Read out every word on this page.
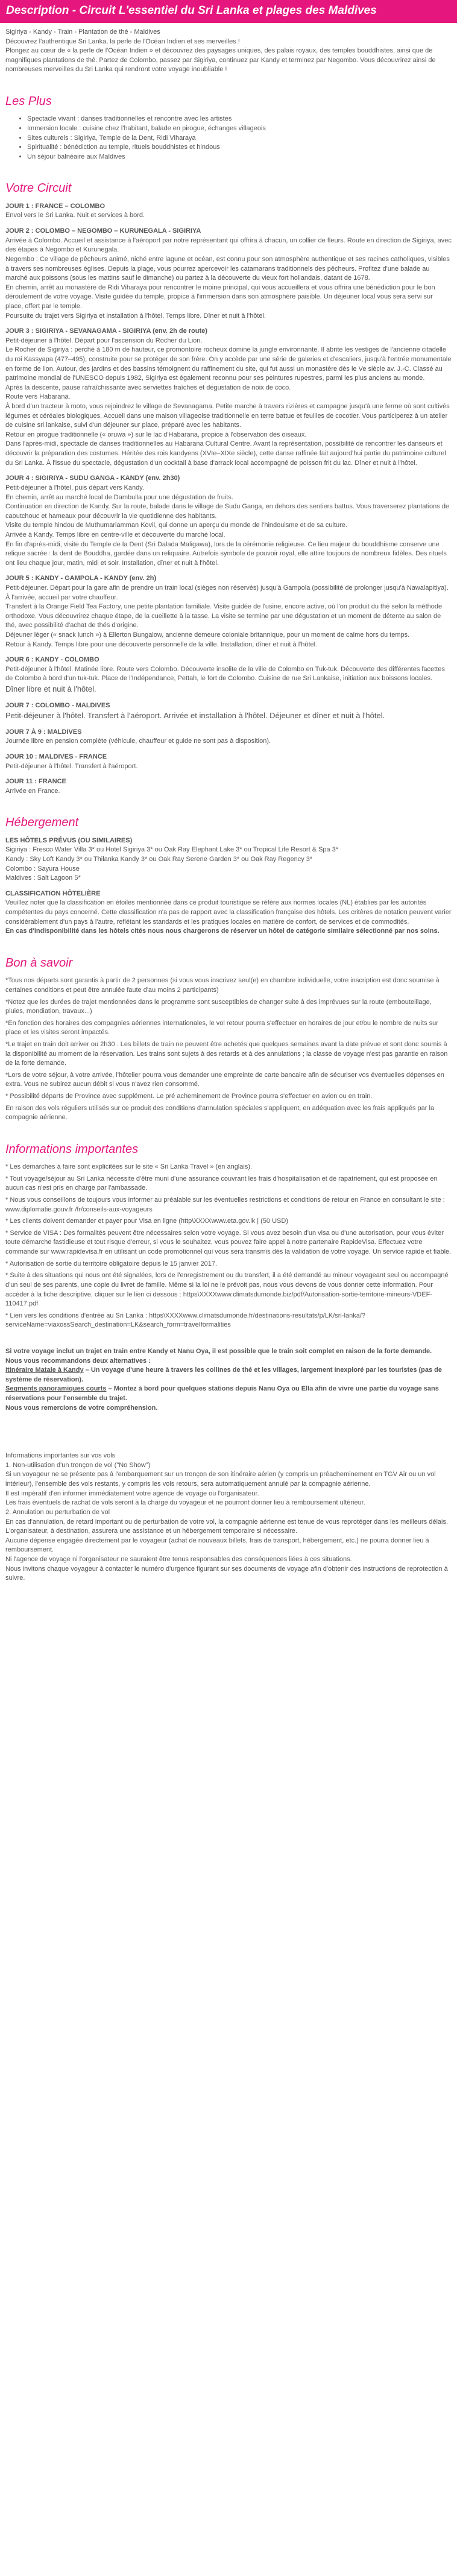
Description - Circuit L'essentiel du Sri Lanka et plages des Maldives

Sigiriya - Kandy - Train - Plantation de thé - Maldives

Découvrez l'authentique Sri Lanka, la perle de l'Océan Indien et ses merveilles !

Plongez au cœur de « la perle de l'Océan Indien » et découvrez des paysages uniques, des palais royaux, des temples bouddhistes, ainsi que de magnifiques plantations de thé. Partez de Colombo, passez par Sigiriya, continuez par Kandy et terminez par Negombo. Vous découvrirez ainsi de nombreuses merveilles du Sri Lanka qui rendront votre voyage inoubliable !

Les Plus
• Spectacle vivant : danses traditionnelles et rencontre avec les artistes
• Immersion locale : cuisine chez l'habitant, balade en pirogue, échanges villageois
• Sites culturels : Sigiriya, Temple de la Dent, Ridi Viharaya
• Spiritualité : bénédiction au temple, rituels bouddhistes et hindous
• Un séjour balnéaire aux Maldives
Votre Circuit
JOUR 1 : FRANCE – COLOMBO

Envol vers le Sri Lanka. Nuit et services à bord.

JOUR 2 : COLOMBO – NEGOMBO – KURUNEGALA - SIGIRIYA

Arrivée à Colombo. Accueil et assistance à l'aéroport par notre représentant qui offrira à chacun, un collier de fleurs. Route en direction de Sigiriya, avec des étapes à Negombo et Kurunegala.

Negombo : Ce village de pêcheurs animé, niché entre lagune et océan, est connu pour son atmosphère authentique et ses racines catholiques, visibles à travers ses nombreuses églises. Depuis la plage, vous pourrez apercevoir les catamarans traditionnels des pêcheurs. Profitez d'une balade au marché aux poissons (sous les mattins sauf le dimanche) ou partez à la découverte du vieux fort hollandais, datant de 1678.

En chemin, arrêt au monastère de Ridi Viharaya pour rencontrer le moine principal, qui vous accueillera et vous offrira une bénédiction pour le bon déroulement de votre voyage. Visite guidée du temple, propice à l'immersion dans son atmosphère paisible. Un déjeuner local vous sera servi sur place, offert par le temple.

Poursuite du trajet vers Sigiriya et installation à l'hôtel. Temps libre. Dîner et nuit à l'hôtel.

JOUR 3 : SIGIRIYA - SEVANAGAMA - SIGIRIYA (env. 2h de route)

Petit-déjeuner à l'hôtel. Départ pour l'ascension du Rocher du Lion.

Le Rocher de Sigiriya : perché à 180 m de hauteur, ce promontoire rocheux domine la jungle environnante. Il abrite les vestiges de l'ancienne citadelle du roi Kassyapa (477–495), construite pour se protéger de son frère. On y accède par une série de galeries et d'escaliers, jusqu'à l'entrée monumentale en forme de lion. Autour, des jardins et des bassins témoignent du raffinement du site, qui fut aussi un monastère dès le Ve siècle av. J.-C. Classé au patrimoine mondial de l'UNESCO depuis 1982, Sigiriya est également reconnu pour ses peintures rupestres, parmi les plus anciens au monde.

Après la descente, pause rafraîchissante avec serviettes fraîches et dégustation de noix de coco.

Route vers Habarana.

À bord d'un tracteur à moto, vous rejoindrez le village de Sevanagama. Petite marche à travers rizières et campagne jusqu'à une ferme où sont cultivés légumes et céréales biologiques. Accueil dans une maison villageoise traditionnelle en terre battue et feuilles de cocotier. Vous participerez à un atelier de cuisine sri lankaise, suivi d'un déjeuner sur place, préparé avec les habitants.

Retour en pirogue traditionnelle (« oruwa ») sur le lac d'Habarana, propice à l'observation des oiseaux.

Dans l'après-midi, spectacle de danses traditionnelles au Habarana Cultural Centre. Avant la représentation, possibilité de rencontrer les danseurs et découvrir la préparation des costumes. Héritée des rois kandyens (XVIe–XIXe siècle), cette danse raffinée fait aujourd'hui partie du patrimoine culturel du Sri Lanka. À l'issue du spectacle, dégustation d'un cocktail à base d'arrack local accompagné de poisson frit du lac. Dîner et nuit à l'hôtel.

JOUR 4 : SIGIRIYA - SUDU GANGA - KANDY (env. 2h30)

Petit-déjeuner à l'hôtel, puis départ vers Kandy.

En chemin, arrêt au marché local de Dambulla pour une dégustation de fruits.

Continuation en direction de Kandy. Sur la route, balade dans le village de Sudu Ganga, en dehors des sentiers battus. Vous traverserez plantations de caoutchouc et hameaux pour découvrir la vie quotidienne des habitants.

Visite du temple hindou de Muthumariamman Kovil, qui donne un aperçu du monde de l'hindouisme et de sa culture.

Arrivée à Kandy. Temps libre en centre-ville et découverte du marché local.

En fin d'après-midi, visite du Temple de la Dent (Sri Dalada Maligawa), lors de la cérémonie religieuse. Ce lieu majeur du bouddhisme conserve une relique sacrée : la dent de Bouddha, gardée dans un reliquaire. Autrefois symbole de pouvoir royal, elle attire toujours de nombreux fidèles. Des rituels ont lieu chaque jour, matin, midi et soir. Installation, dîner et nuit à l'hôtel.

JOUR 5 : KANDY - GAMPOLA - KANDY (env. 2h)

Petit-déjeuner. Départ pour la gare afin de prendre un train local (sièges non réservés) jusqu'à Gampola (possibilité de prolonger jusqu'à Nawalapitiya).

À l'arrivée, accueil par votre chauffeur.

Transfert à la Orange Field Tea Factory, une petite plantation familiale. Visite guidée de l'usine, encore active, où l'on produit du thé selon la méthode orthodoxe. Vous découvrirez chaque étape, de la cueillette à la tasse. La visite se termine par une dégustation et un moment de détente au salon de thé, avec possibilité d'achat de thés d'origine.

Déjeuner léger (« snack lunch ») à Ellerton Bungalow, ancienne demeure coloniale britannique, pour un moment de calme hors du temps.

Retour à Kandy. Temps libre pour une découverte personnelle de la ville. Installation, dîner et nuit à l'hôtel.

JOUR 6 : KANDY - COLOMBO

Petit-déjeuner à l'hôtel. Matinée libre. Route vers Colombo. Découverte insolite de la ville de Colombo en Tuk-tuk. Découverte des différentes facettes de Colombo à bord d'un tuk-tuk. Place de l'Indépendance, Pettah, le fort de Colombo. Cuisine de rue Sri Lankaise, initiation aux boissons locales. Dîner libre et nuit à l'hôtel.

JOUR 7 : COLOMBO - MALDIVES

Petit-déjeuner à l'hôtel. Transfert à l'aéroport. Arrivée et installation à l'hôtel. Déjeuner et dîner et nuit à l'hôtel.

JOUR 7 À 9 : MALDIVES

Journée libre en pension complète (véhicule, chauffeur et guide ne sont pas à disposition).

JOUR 10 : MALDIVES - FRANCE

Petit-déjeuner à l'hôtel. Transfert à l'aéroport.

JOUR 11 : FRANCE

Arrivée en France.

Hébergement

LES HÔTELS PRÉVUS (OU SIMILAIRES)

Sigiriya : Fresco Water Villa 3* ou Hotel Sigiriya 3* ou Oak Ray Elephant Lake 3* ou Tropical Life Resort & Spa 3*

Kandy : Sky Loft Kandy 3* ou Thilanka Kandy 3* ou Oak Ray Serene Garden 3* ou Oak Ray Regency 3*

Colombo : Sayura House

Maldives : Salt Lagoon 5*

CLASSIFICATION HÔTELIÈRE

Veuillez noter que la classification en étoiles mentionnée dans ce produit touristique se réfère aux normes locales (NL) établies par les autorités compétentes du pays concerné. Cette classification n'a pas de rapport avec la classification française des hôtels. Les critères de notation peuvent varier considérablement d'un pays à l'autre, reflétant les standards et les pratiques locales en matière de confort, de services et de commodités.

En cas d'indisponibilité dans les hôtels cités nous nous chargerons de réserver un hôtel de catégorie similaire sélectionné par nos soins.

Bon à savoir

*Tous nos départs sont garantis à partir de 2 personnes (si vous vous inscrivez seul(e) en chambre individuelle, votre inscription est donc soumise à certaines conditions et peut être annulée faute d'au moins 2 participants)

*Notez que les durées de trajet mentionnées dans le programme sont susceptibles de changer suite à des imprévues sur la route (embouteillage, pluies, mondiation, travaux...)

*En fonction des horaires des compagnies aériennes internationales, le vol retour pourra s'effectuer en horaires de jour et/ou le nombre de nuits sur place et les visites seront impactés.

*Le trajet en train doit arriver ou 2h30 . Les billets de train ne peuvent être achetés que quelques semaines avant la date prévue et sont donc soumis à la disponibilité au moment de la réservation. Les trains sont sujets à des retards et à des annulations ; la classe de voyage n'est pas garantie en raison de la forte demande.

*Lors de votre séjour, à votre arrivée, l'hôtelier pourra vous demander une empreinte de carte bancaire afin de sécuriser vos éventuelles dépenses en extra. Vous ne subirez aucun débit si vous n'avez rien consommé.

* Possibilité départs de Province avec supplément. Le pré acheminement de Province pourra s'effectuer en avion ou en train.

En raison des vols réguliers utilisés sur ce produit des conditions d'annulation spéciales s'appliquent, en adéquation avec les frais appliqués par la compagnie aérienne.

Informations importantes

* Les démarches à faire sont explicitées sur le site « Sri Lanka Travel » (en anglais).

* Tout voyage/séjour au Sri Lanka nécessite d'être muni d'une assurance couvrant les frais d'hospitalisation et de rapatriement, qui est proposée en aucun cas n'est pris en charge par l'ambassade.

* Nous vous conseillons de toujours vous informer au préalable sur les éventuelles restrictions et conditions de retour en France en consultant le site : www.diplomatie.gouv.fr /fr/conseils-aux-voyageurs

* Les clients doivent demander et payer pour Visa en ligne (http\XXXXwww.eta.gov.lk | (50 USD)

* Service de VISA : Des formalités peuvent être nécessaires selon votre voyage. Si vous avez besoin d'un visa ou d'une autorisation, pour vous éviter toute démarche fastidieuse et tout risque d'erreur, si vous le souhaitez, vous pouvez faire appel à notre partenaire RapideVisa. Effectuez votre commande sur www.rapidevisa.fr en utilisant un code promotionnel qui vous sera transmis dès la validation de votre voyage. Un service rapide et fiable.

* Autorisation de sortie du territoire obligatoire depuis le 15 janvier 2017.

* Suite à des situations qui nous ont été signalées, lors de l'enregistrement ou du transfert, il a été demandé au mineur voyageant seul ou accompagné d'un seul de ses parents, une copie du livret de famille. Même si la loi ne le prévoit pas, nous vous devons de vous donner cette information. Pour accéder à la fiche descriptive, cliquer sur le lien ci dessous : https\XXXXwww.climatsdumonde.biz/pdf/Autorisation-sortie-territoire-mineurs-VDEF-110417.pdf

* Lien vers les conditions d'entrée au Sri Lanka : https\XXXXwww.climatsdumonde.fr/destinations-resultats/p/LK/sri-lanka/?serviceName=viaxossSearch_destination=LK&search_form=traveIformalities

Si votre voyage inclut un trajet en train entre Kandy et Nanu Oya, il est possible que le train soit complet en raison de la forte demande.

Nous vous recommandons deux alternatives :

Itinéraire Matale à Kandy – Un voyage d'une heure à travers les collines de thé et les villages, largement inexploré par les touristes (pas de système de réservation).

Segments panoramiques courts – Montez à bord pour quelques stations depuis Nanu Oya ou Ella afin de vivre une partie du voyage sans réservations pour l'ensemble du trajet.

Nous vous remercions de votre compréhension.

Informations importantes sur vos vols

1. Non-utilisation d'un tronçon de vol ("No Show")

Si un voyageur ne se présente pas à l'embarquement sur un tronçon de son itinéraire aérien (y compris un préacheminement en TGV Air ou un vol intérieur), l'ensemble des vols restants, y compris les vols retours, sera automatiquement annulé par la compagnie aérienne.

Il est impératif d'en informer immédiatement votre agence de voyage ou l'organisateur.

Les frais éventuels de rachat de vols seront à la charge du voyageur et ne pourront donner lieu à remboursement ultérieur.

2. Annulation ou perturbation de vol

En cas d'annulation, de retard important ou de perturbation de votre vol, la compagnie aérienne est tenue de vous reprotéger dans les meilleurs délais.

L'organisateur, à destination, assurera une assistance et un hébergement temporaire si nécessaire.

Aucune dépense engagée directement par le voyageur (achat de nouveaux billets, frais de transport, hébergement, etc.) ne pourra donner lieu à remboursement.

Ni l'agence de voyage ni l'organisateur ne sauraient être tenus responsables des conséquences liées à ces situations.

Nous invitons chaque voyageur à contacter le numéro d'urgence figurant sur ses documents de voyage afin d'obtenir des instructions de reprotection à suivre.
